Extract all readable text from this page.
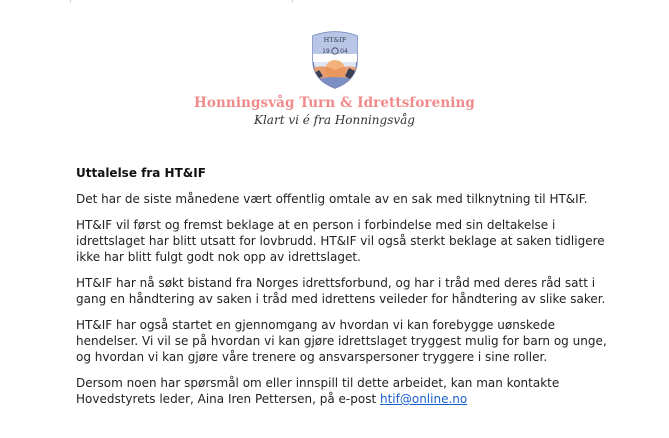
HT&IF
19 04
Honningsvåg Turn & Idrettsforening
Klart vi é fra Honningsvåg
Uttalelse fra HT&IF

Det har de siste månedene vært offentlig omtale av en sak med tilknytning til HT&IF.

HT&IF vil først og fremst beklage at en person i forbindelse med sin deltakelse i
idrettslaget har blitt utsatt for lovbrudd. HT&IF vil også sterkt beklage at saken tidligere
ikke har blitt fulgt godt nok opp av idrettslaget.

HT&IF har nå søkt bistand fra Norges idrettsforbund, og har i tråd med deres råd satt i
gang en håndtering av saken i tråd med idrettens veileder for håndtering av slike saker.

HT&IF har også startet en gjennomgang av hvordan vi kan forebygge uønskede
hendelser. Vi vil se på hvordan vi kan gjøre idrettslaget tryggest mulig for barn og unge,
og hvordan vi kan gjøre våre trenere og ansvarspersoner tryggere i sine roller.

Dersom noen har spørsmål om eller innspill til dette arbeidet, kan man kontakte
Hovedstyrets leder, Aina Iren Pettersen, på e-post htif@online.no
